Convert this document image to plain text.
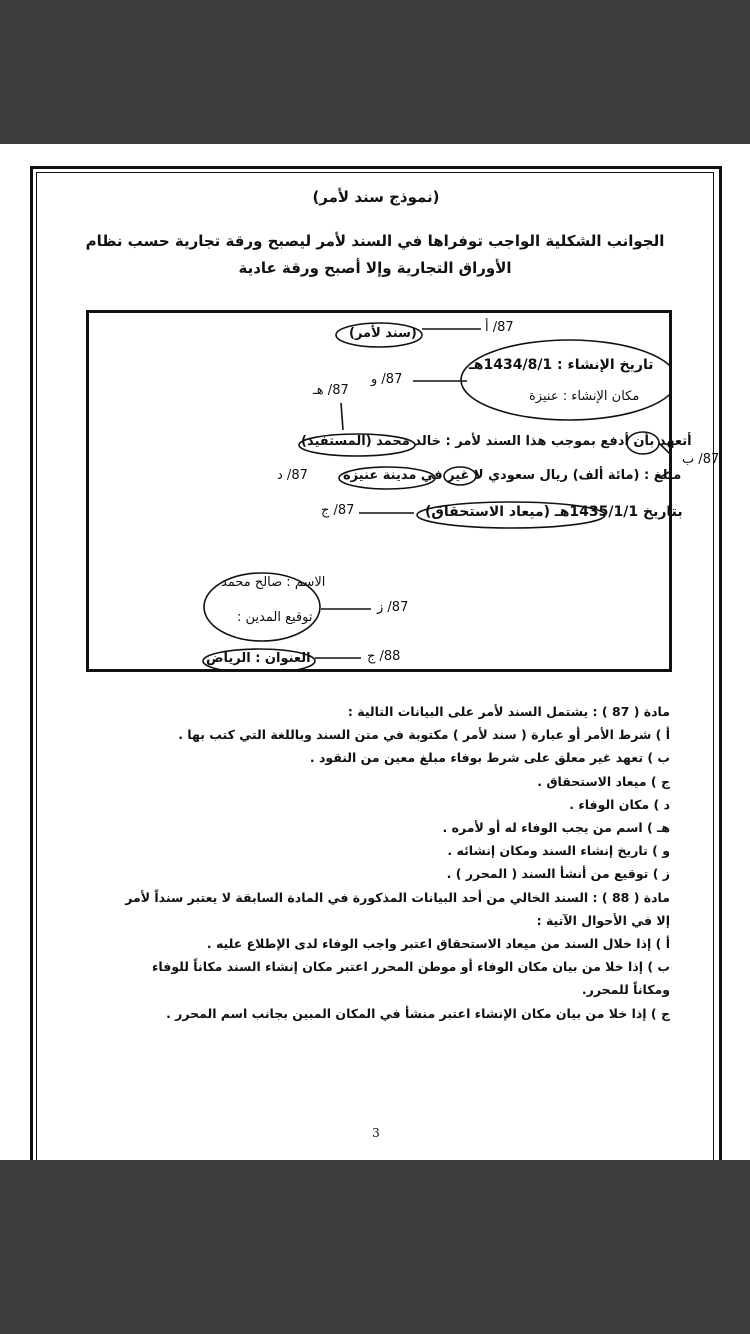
(نموذج سند لأمر)
الجوانب الشكلية الواجب توفراها في السند لأمر ليصبح ورقة تجارية حسب نظام الأوراق التجارية وإلا أصبح ورقة عادية
(سند لأمر)	87/ أ
تاريخ الإنشاء : 1434/8/1هـ
مكان الإنشاء : عنيزة
87/ و
87/ هـ
أتعهد بأن أدفع بموجب هذا السند لأمر : خالد محمد (المستفيد)
87/ ب
مبلغ : (مائة ألف) ريال سعودي لا غير في مدينة عنيزة
87/ د
بتاريخ 1435/1/1هـ (ميعاد الاستحقاق)
87/ ج
الاسم : صالح محمد
توقيع المدين :
87/ ز
العنوان : الرياض	88/ ج

مادة ( 87 ) : يشتمل السند لأمر على البيانات التالية :

أ ) شرط الأمر أو عبارة ( سند لأمر ) مكتوبة في متن السند وباللغة التي كتب بها .

ب ) تعهد غير معلق على شرط بوفاء مبلغ معين من النقود .

ج ) ميعاد الاستحقاق .

د ) مكان الوفاء .

هـ ) اسم من يجب الوفاء له أو لأمره .

و ) تاريخ إنشاء السند ومكان إنشائه .

ز ) توقيع من أنشأ السند ( المحرر ) .

مادة ( 88 ) : السند الخالي من أحد البيانات المذكورة في المادة السابقة لا يعتبر سنداً لأمر إلا في الأحوال الآتية :

أ ) إذا خلال السند من ميعاد الاستحقاق اعتبر واجب الوفاء لدى الإطلاع عليه .

ب ) إذا خلا من بيان مكان الوفاء أو موطن المحرر اعتبر مكان إنشاء السند مكاناً للوفاء ومكاناً للمحرر.

ج ) إذا خلا من بيان مكان الإنشاء اعتبر منشأ في المكان المبين بجانب اسم المحرر .

3
